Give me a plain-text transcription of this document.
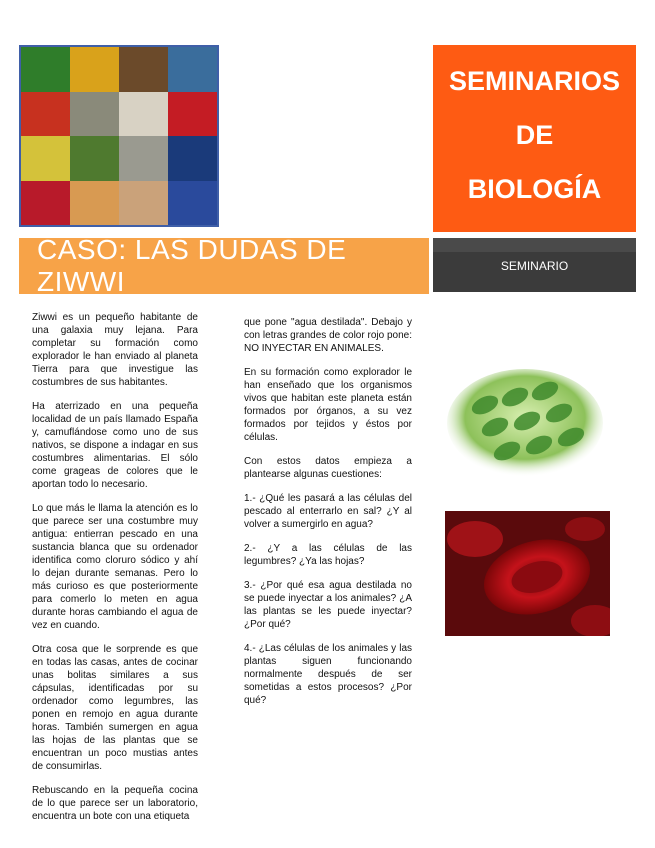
SEMINARIOS
DE
BIOLOGÍA
CASO: LAS DUDAS DE ZIWWI	SEMINARIO

Ziwwi es un pequeño habitante de una galaxia muy lejana. Para completar su formación como explorador le han enviado al planeta Tierra para que investigue las costumbres de sus habitantes.

Ha aterrizado en una pequeña localidad de un país llamado España y, camuflándose como uno de sus nativos, se dispone a indagar en sus costumbres alimentarias. El sólo come grageas de colores que le aportan todo lo necesario.

Lo que más le llama la atención es lo que parece ser una costumbre muy antigua: entierran pescado en una sustancia blanca que su ordenador identifica como cloruro sódico y ahí lo dejan durante semanas. Pero lo más curioso es que posteriormente para comerlo lo meten en agua durante horas cambiando el agua de vez en cuando.

Otra cosa que le sorprende es que en todas las casas, antes de cocinar unas bolitas similares a sus cápsulas, identificadas por su ordenador como legumbres, las ponen en remojo en agua durante horas. También sumergen en agua las hojas de las plantas que se encuentran un poco mustias antes de consumirlas.

Rebuscando en la pequeña cocina de lo que parece ser un laboratorio, encuentra un bote con una etiqueta

que pone "agua destilada". Debajo y con letras grandes de color rojo pone: NO INYECTAR EN ANIMALES.

En su formación como explorador le han enseñado que los organismos vivos que habitan este planeta están formados por órganos, a su vez formados por tejidos y éstos por células.

Con estos datos empieza a plantearse algunas cuestiones:

1.- ¿Qué les pasará a las células del pescado al enterrarlo en sal? ¿Y al volver a sumergirlo en agua?

2.- ¿Y a las células de las legumbres? ¿Ya las hojas?

3.- ¿Por qué esa agua destilada no se puede inyectar a los animales? ¿A las plantas se les puede inyectar? ¿Por qué?

4.- ¿Las células de los animales y las plantas siguen funcionando normalmente después de ser sometidas a estos procesos? ¿Por qué?
